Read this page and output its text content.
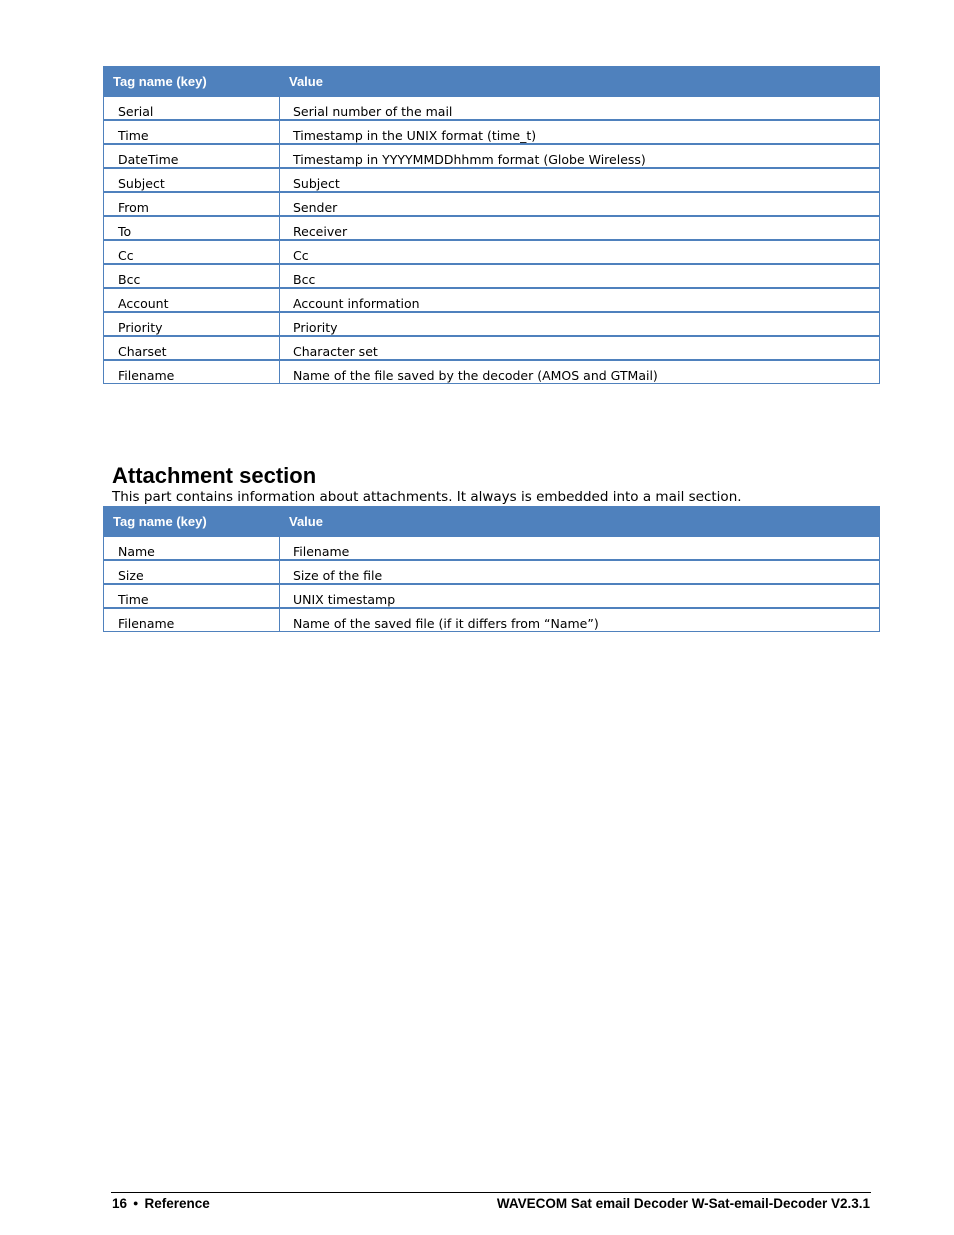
Tag name (key)	Value
Serial	Serial number of the mail
Time	Timestamp in the UNIX format (time_t)
DateTime	Timestamp in YYYYMMDDhhmm format (Globe Wireless)
Subject	Subject
From	Sender
To	Receiver
Cc	Cc
Bcc	Bcc
Account	Account information
Priority	Priority
Charset	Character set
Filename	Name of the file saved by the decoder (AMOS and GTMail)
Attachment section

This part contains information about attachments. It always is embedded into a mail section.

Tag name (key)	Value
Name	Filename
Size	Size of the file
Time	UNIX timestamp
Filename	Name of the saved file (if it differs from “Name”)
16 ● Reference	WAVECOM Sat email Decoder W-Sat-email-Decoder V2.3.1
